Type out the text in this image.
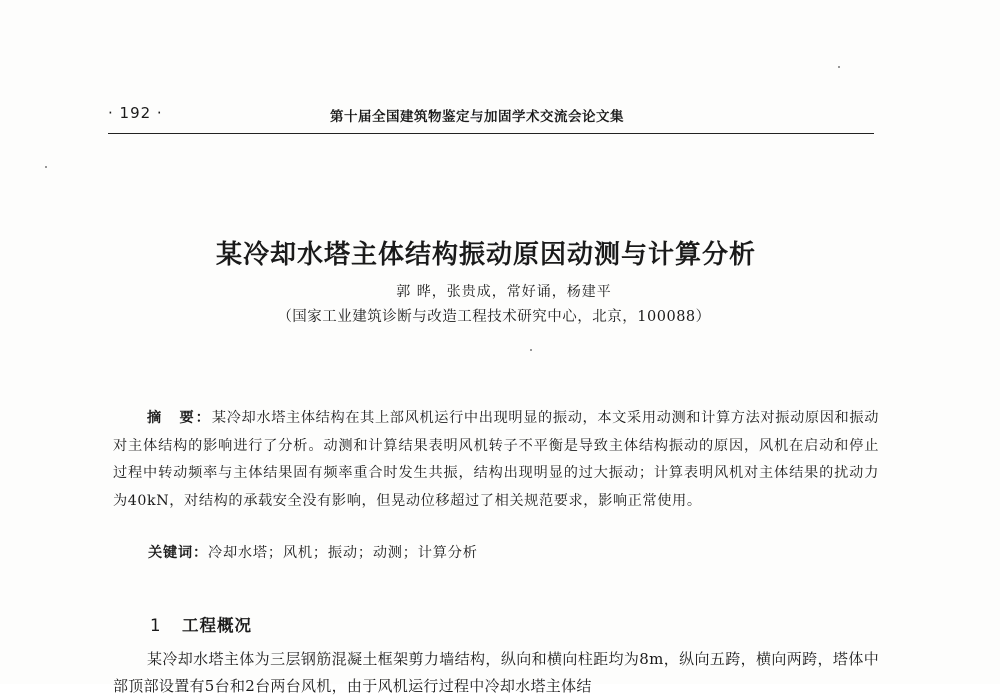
· 192 ·	第十届全国建筑物鉴定与加固学术交流会论文集
某冷却水塔主体结构振动原因动测与计算分析
郭 晔，张贵成，常好诵，杨建平
（国家工业建筑诊断与改造工程技术研究中心，北京，100088）
摘　要：某冷却水塔主体结构在其上部风机运行中出现明显的振动，本文采用动测和计算方法对振动原因和振动对主体结构的影响进行了分析。动测和计算结果表明风机转子不平衡是导致主体结构振动的原因，风机在启动和停止过程中转动频率与主体结果固有频率重合时发生共振，结构出现明显的过大振动；计算表明风机对主体结果的扰动力为40kN，对结构的承载安全没有影响，但晃动位移超过了相关规范要求，影响正常使用。
关键词：冷却水塔；风机；振动；动测；计算分析
1 工程概况
某冷却水塔主体为三层钢筋混凝土框架剪力墙结构，纵向和横向柱距均为8m，纵向五跨，横向两跨，塔体中部顶部设置有5台和2台两台风机，由于风机运行过程中冷却水塔主体结
